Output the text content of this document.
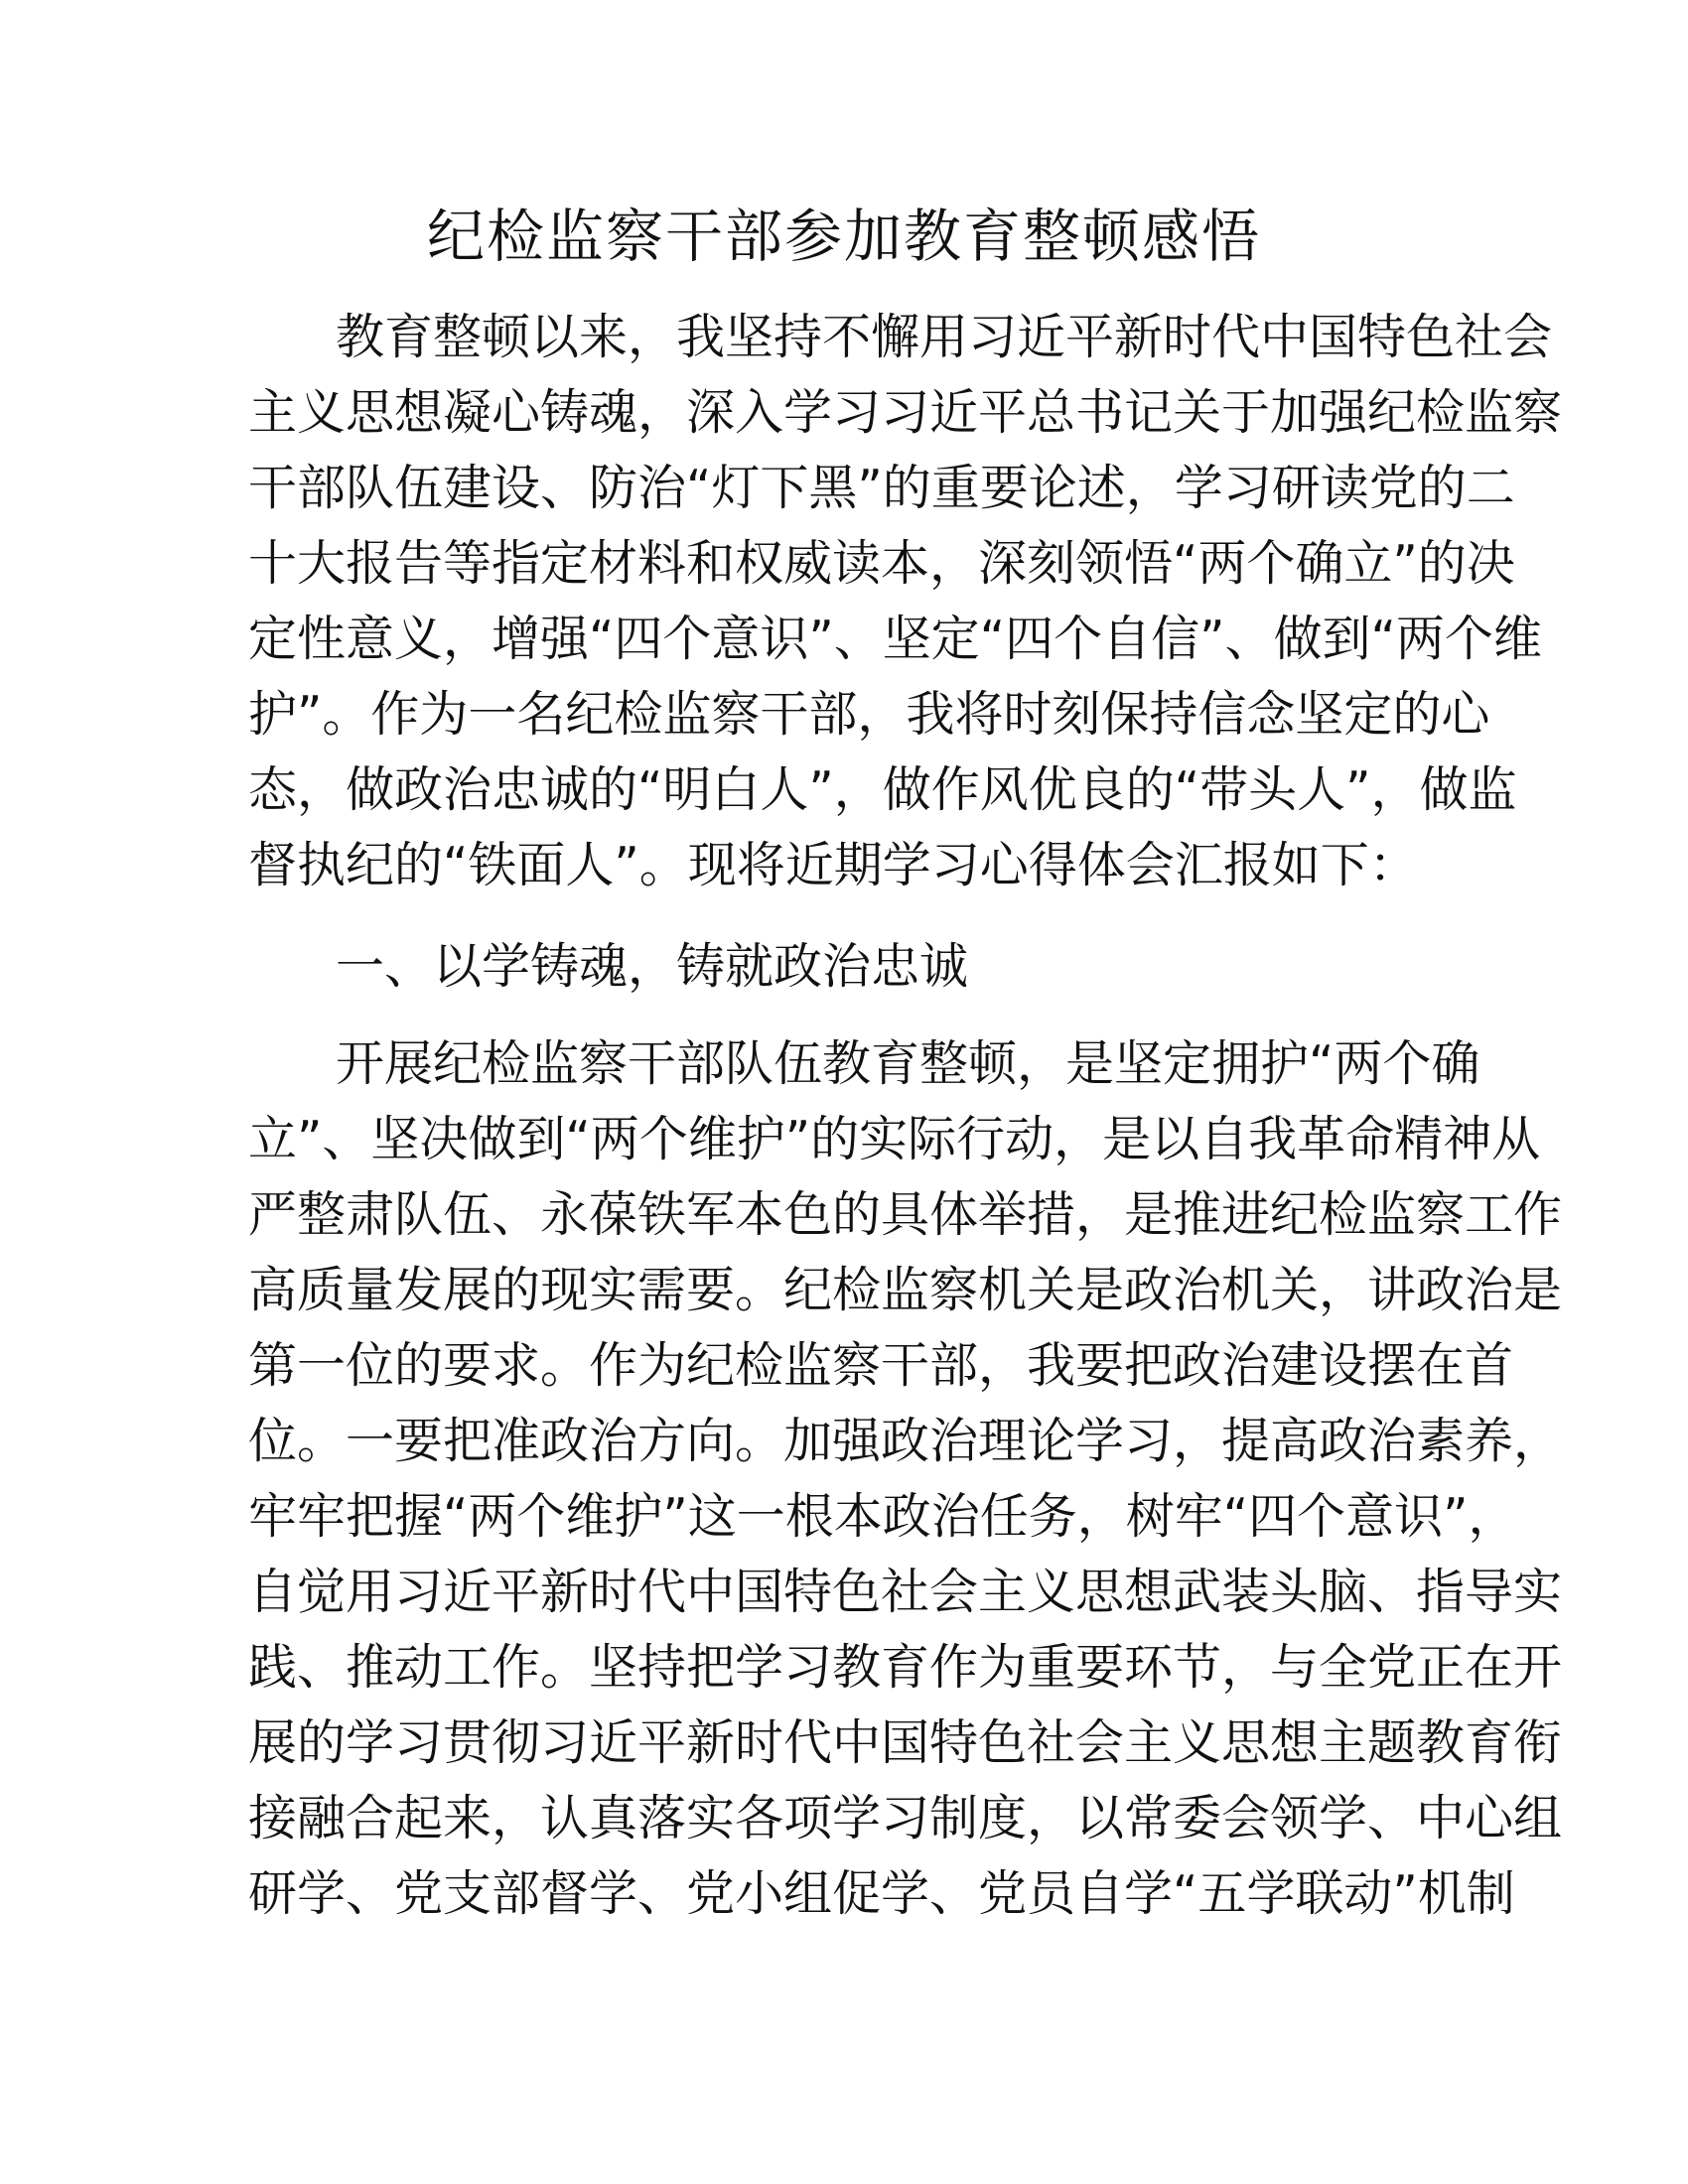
纪检监察干部参加教育整顿感悟
教育整顿以来，我坚持不懈用习近平新时代中国特色社会
主义思想凝心铸魂，深入学习习近平总书记关于加强纪检监察
干部队伍建设、防治“灯下黑”的重要论述，学习研读党的二
十大报告等指定材料和权威读本，深刻领悟“两个确立”的决
定性意义，增强“四个意识”、坚定“四个自信”、做到“两个维
护”。作为一名纪检监察干部，我将时刻保持信念坚定的心
态，做政治忠诚的“明白人”，做作风优良的“带头人”，做监
督执纪的“铁面人”。现将近期学习心得体会汇报如下：
一、以学铸魂，铸就政治忠诚
开展纪检监察干部队伍教育整顿，是坚定拥护“两个确
立”、坚决做到“两个维护”的实际行动，是以自我革命精神从
严整肃队伍、永葆铁军本色的具体举措，是推进纪检监察工作
高质量发展的现实需要。纪检监察机关是政治机关，讲政治是
第一位的要求。作为纪检监察干部，我要把政治建设摆在首
位。一要把准政治方向。加强政治理论学习，提高政治素养，
牢牢把握“两个维护”这一根本政治任务，树牢“四个意识”，
自觉用习近平新时代中国特色社会主义思想武装头脑、指导实
践、推动工作。坚持把学习教育作为重要环节，与全党正在开
展的学习贯彻习近平新时代中国特色社会主义思想主题教育衔
接融合起来，认真落实各项学习制度，以常委会领学、中心组
研学、党支部督学、党小组促学、党员自学“五学联动”机制
